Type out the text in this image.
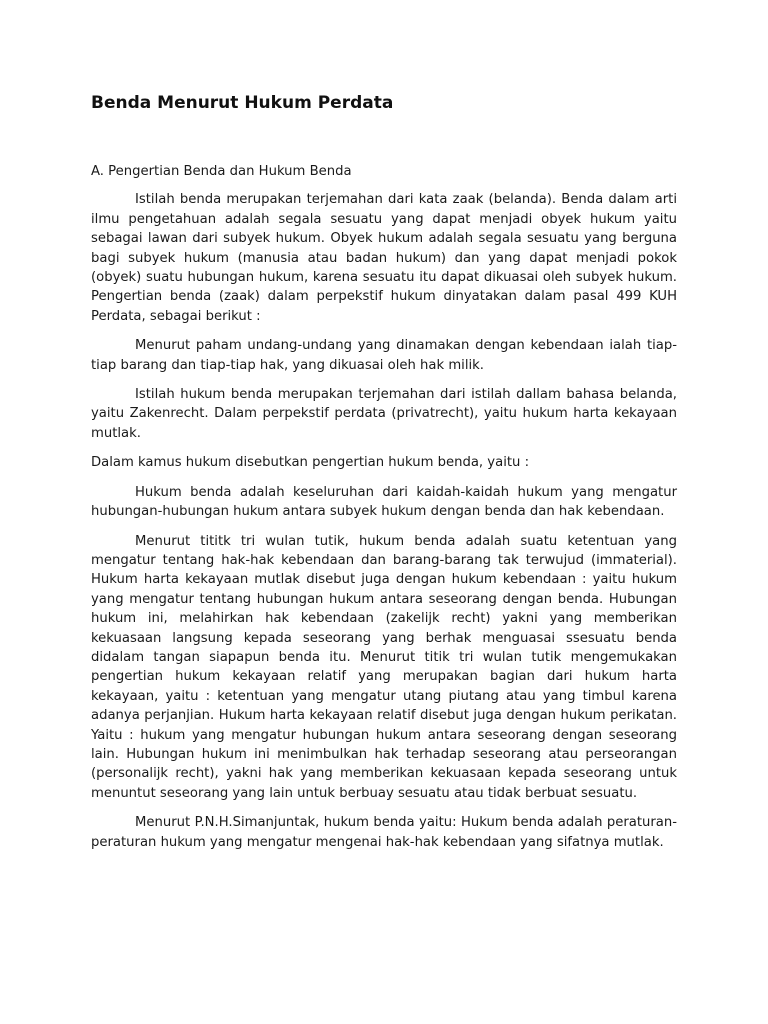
Benda Menurut Hukum Perdata
A. Pengertian Benda dan Hukum Benda

Istilah benda merupakan terjemahan dari kata zaak (belanda). Benda dalam arti ilmu pengetahuan adalah segala sesuatu yang dapat menjadi obyek hukum yaitu sebagai lawan dari subyek hukum. Obyek hukum adalah segala sesuatu yang berguna bagi subyek hukum (manusia atau badan hukum) dan yang dapat menjadi pokok (obyek) suatu hubungan hukum, karena sesuatu itu dapat dikuasai oleh subyek hukum. Pengertian benda (zaak) dalam perpekstif hukum dinyatakan dalam pasal 499 KUH Perdata, sebagai berikut :

Menurut paham undang-undang yang dinamakan dengan kebendaan ialah tiap-tiap barang dan tiap-tiap hak, yang dikuasai oleh hak milik.

Istilah hukum benda merupakan terjemahan dari istilah dallam bahasa belanda, yaitu Zakenrecht. Dalam perpekstif perdata (privatrecht), yaitu hukum harta kekayaan mutlak.

Dalam kamus hukum disebutkan pengertian hukum benda, yaitu :

Hukum benda adalah keseluruhan dari kaidah-kaidah hukum yang mengatur hubungan-hubungan hukum antara subyek hukum dengan benda dan hak kebendaan.

Menurut tititk tri wulan tutik, hukum benda adalah suatu ketentuan yang mengatur tentang hak-hak kebendaan dan barang-barang tak terwujud (immaterial). Hukum harta kekayaan mutlak disebut juga dengan hukum kebendaan : yaitu hukum yang mengatur tentang hubungan hukum antara seseorang dengan benda. Hubungan hukum ini, melahirkan hak kebendaan (zakelijk recht) yakni yang memberikan kekuasaan langsung kepada seseorang yang berhak menguasai ssesuatu benda didalam tangan siapapun benda itu. Menurut titik tri wulan tutik mengemukakan pengertian hukum kekayaan relatif yang merupakan bagian dari hukum harta kekayaan, yaitu : ketentuan yang mengatur utang piutang atau yang timbul karena adanya perjanjian. Hukum harta kekayaan relatif disebut juga dengan hukum perikatan. Yaitu : hukum yang mengatur hubungan hukum antara seseorang dengan seseorang lain. Hubungan hukum ini menimbulkan hak terhadap seseorang atau perseorangan (personalijk recht), yakni hak yang memberikan kekuasaan kepada seseorang untuk menuntut seseorang yang lain untuk berbuay sesuatu atau tidak berbuat sesuatu.

Menurut P.N.H.Simanjuntak, hukum benda yaitu: Hukum benda adalah peraturan-peraturan hukum yang mengatur mengenai hak-hak kebendaan yang sifatnya mutlak.
